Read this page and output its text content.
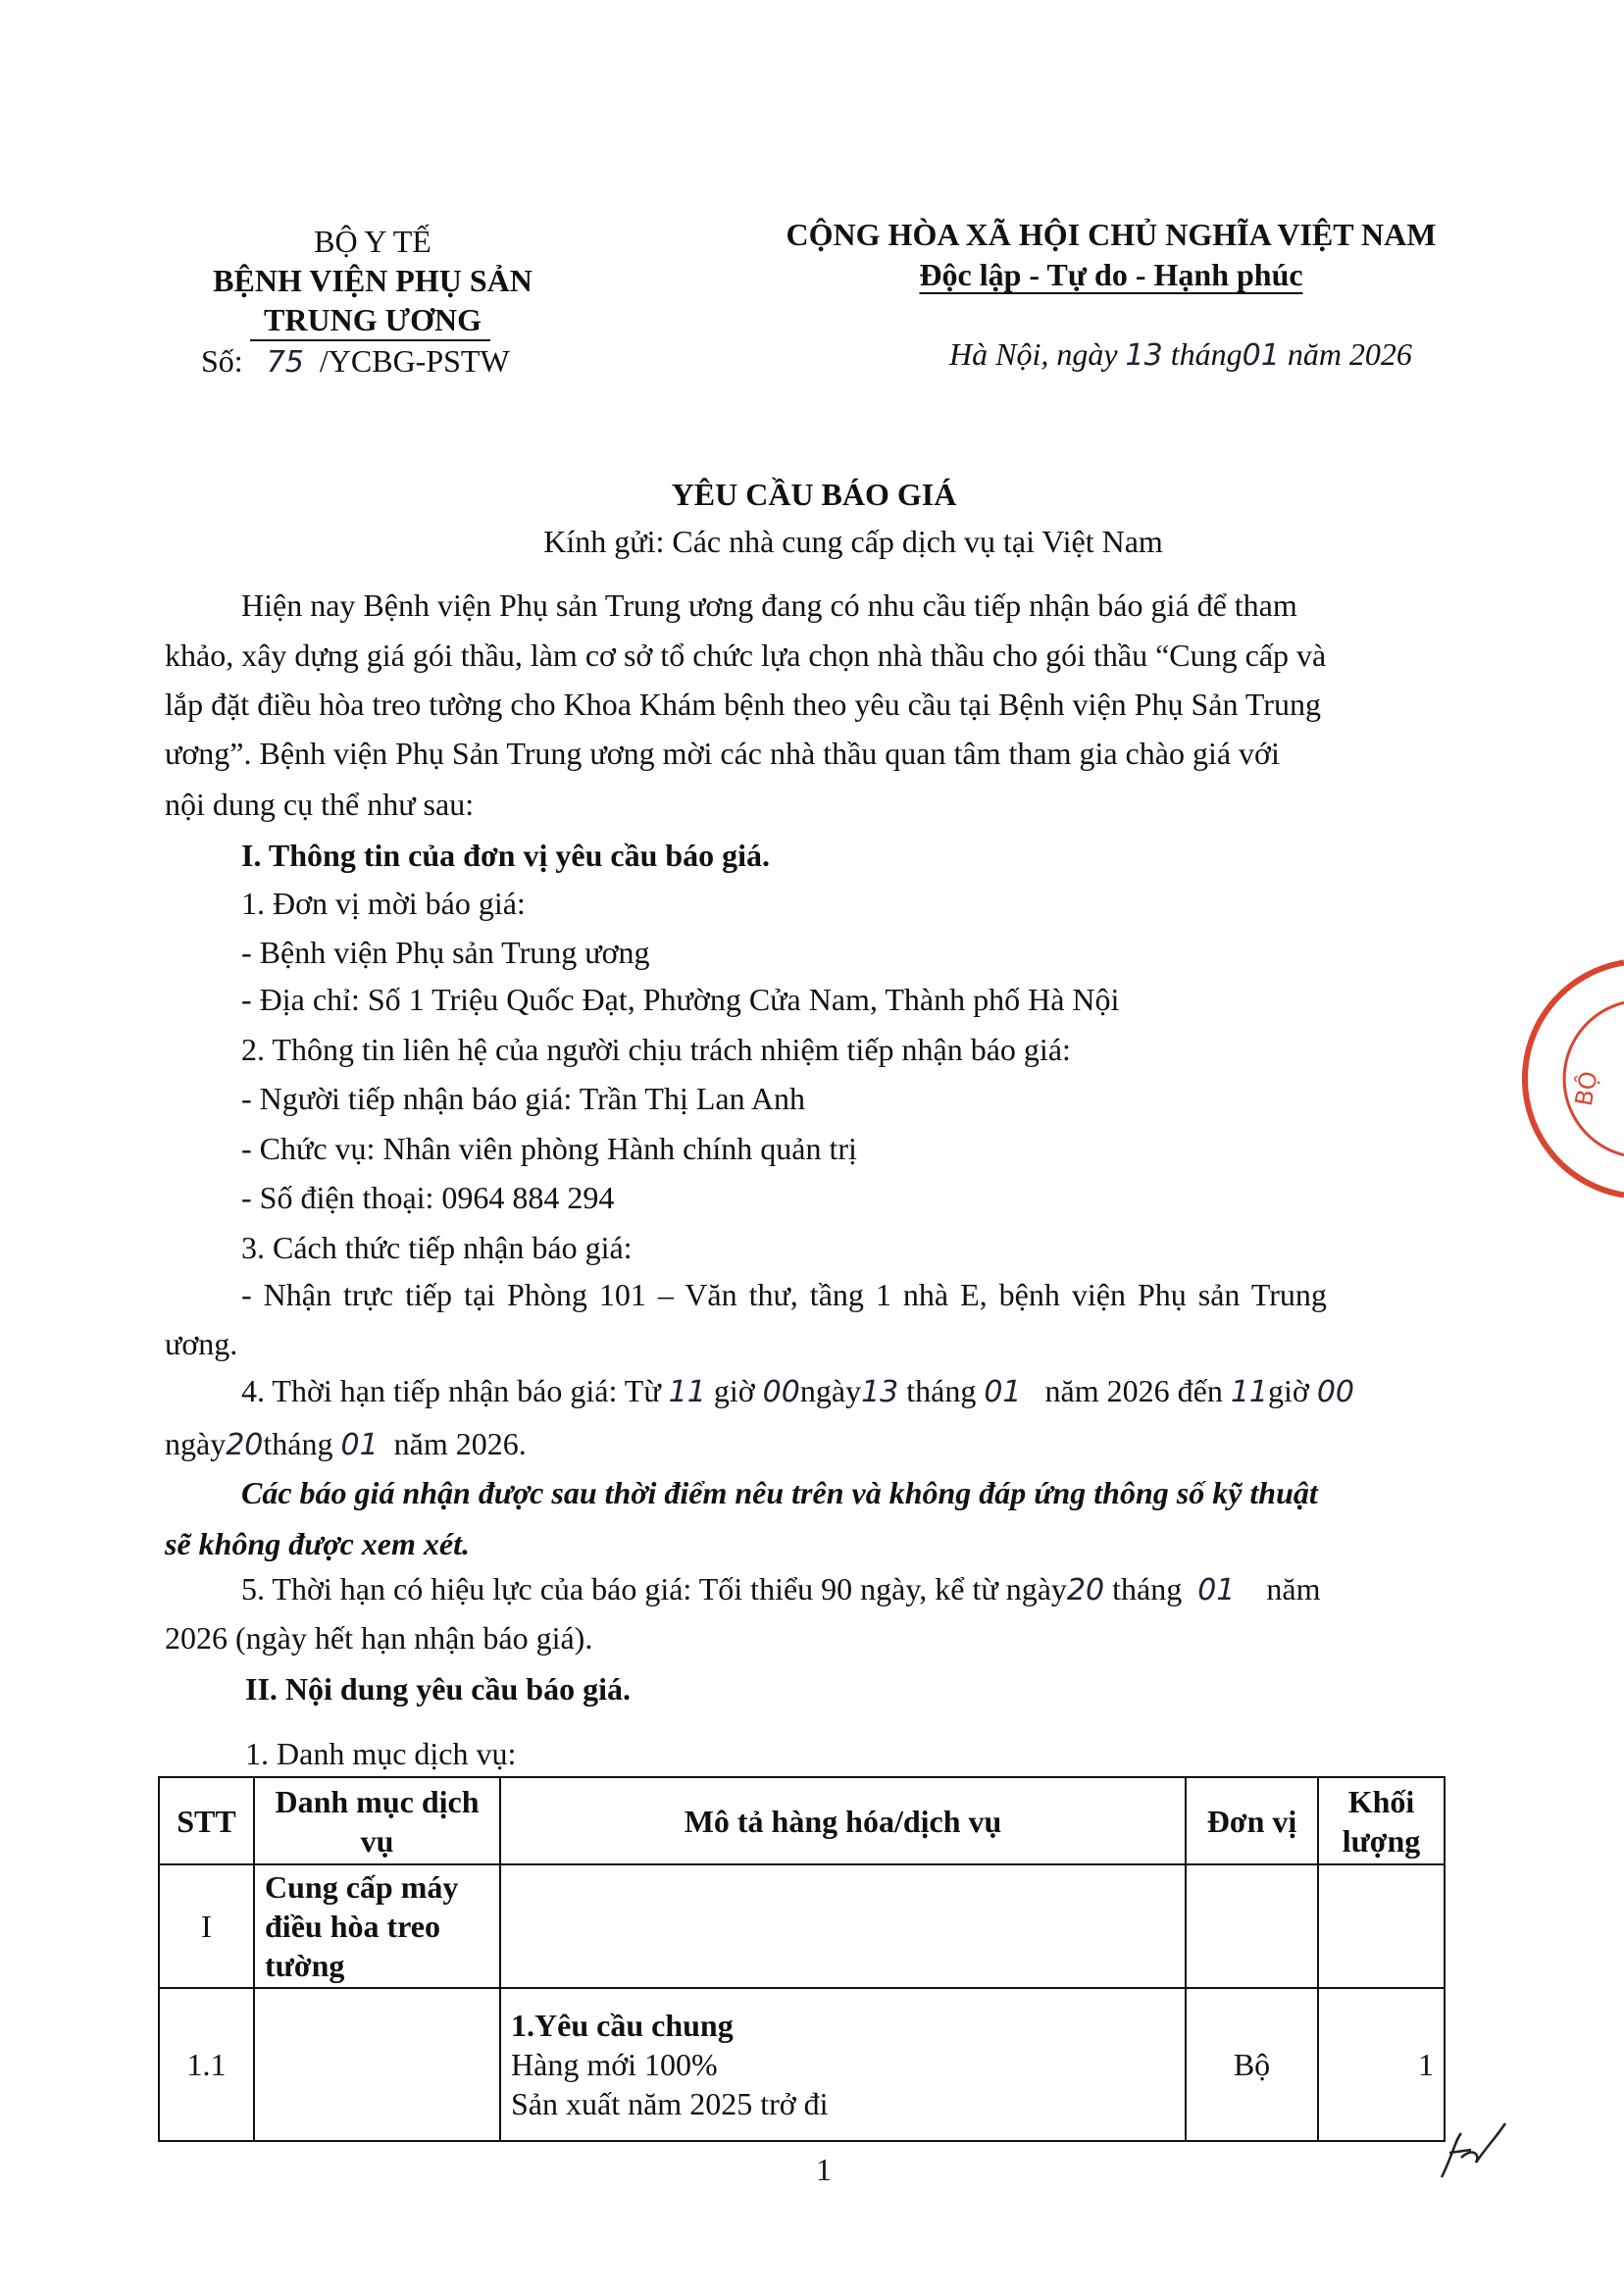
BỘ Y TẾ
BỆNH VIỆN PHỤ SẢN
TRUNG ƯƠNG
Số: 75 /YCBG-PSTW
CỘNG HÒA XÃ HỘI CHỦ NGHĨA VIỆT NAM
Độc lập - Tự do - Hạnh phúc
Hà Nội, ngày 13 tháng01 năm 2026
YÊU CẦU BÁO GIÁ
Kính gửi: Các nhà cung cấp dịch vụ tại Việt Nam
Hiện nay Bệnh viện Phụ sản Trung ương đang có nhu cầu tiếp nhận báo giá để tham
khảo, xây dựng giá gói thầu, làm cơ sở tổ chức lựa chọn nhà thầu cho gói thầu “Cung cấp và
lắp đặt điều hòa treo tường cho Khoa Khám bệnh theo yêu cầu tại Bệnh viện Phụ Sản Trung
ương”. Bệnh viện Phụ Sản Trung ương mời các nhà thầu quan tâm tham gia chào giá với
nội dung cụ thể như sau:
I. Thông tin của đơn vị yêu cầu báo giá.
1. Đơn vị mời báo giá:
- Bệnh viện Phụ sản Trung ương
- Địa chỉ: Số 1 Triệu Quốc Đạt, Phường Cửa Nam, Thành phố Hà Nội
2. Thông tin liên hệ của người chịu trách nhiệm tiếp nhận báo giá:
- Người tiếp nhận báo giá: Trần Thị Lan Anh
- Chức vụ: Nhân viên phòng Hành chính quản trị
- Số điện thoại: 0964 884 294
3. Cách thức tiếp nhận báo giá:
- Nhận trực tiếp tại Phòng 101 – Văn thư, tầng 1 nhà E, bệnh viện Phụ sản Trung
ương.
4. Thời hạn tiếp nhận báo giá: Từ 11 giờ 00ngày13 tháng 01 năm 2026 đến 11giờ 00
ngày20tháng 01 năm 2026.
Các báo giá nhận được sau thời điểm nêu trên và không đáp ứng thông số kỹ thuật
sẽ không được xem xét.
5. Thời hạn có hiệu lực của báo giá: Tối thiểu 90 ngày, kể từ ngày20 tháng 01 năm
2026 (ngày hết hạn nhận báo giá).
II. Nội dung yêu cầu báo giá.
1. Danh mục dịch vụ:
STT	Danh mục dịch vụ	Mô tả hàng hóa/dịch vụ	Đơn vị	Khối lượng
I	Cung cấp máy điều hòa treo tường			
1.1		1.Yêu cầu chung
Hàng mới 100%
Sản xuất năm 2025 trở đi	Bộ	1
1
BỘ
